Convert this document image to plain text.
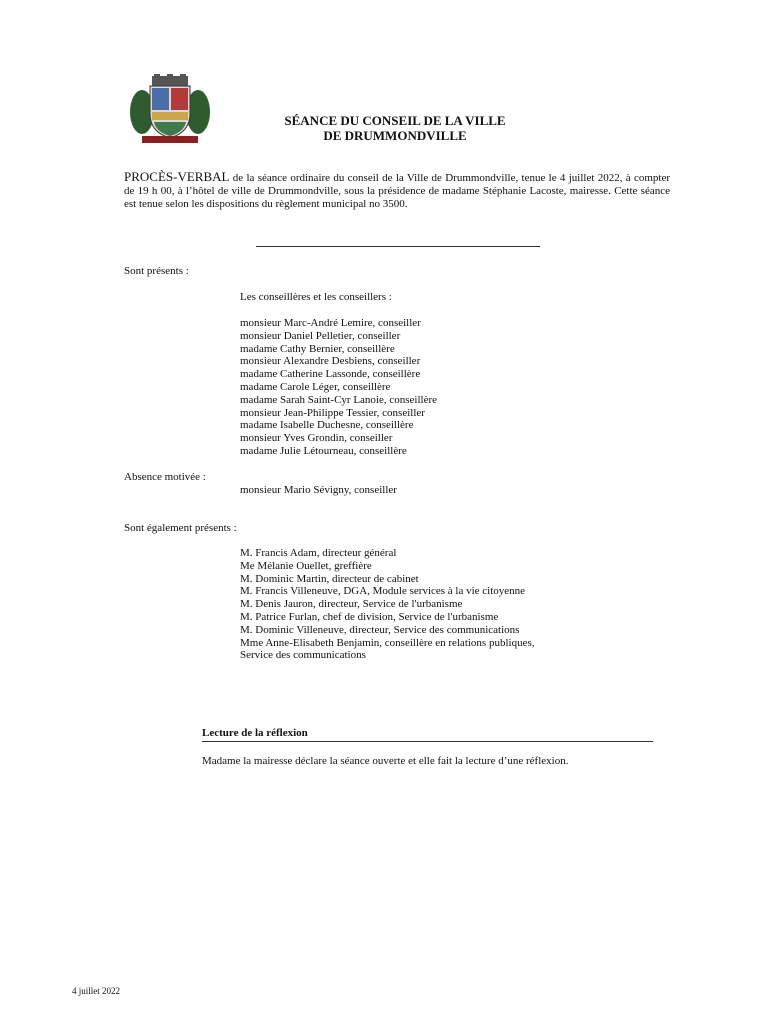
SÉANCE DU CONSEIL DE LA VILLE
DE DRUMMONDVILLE
PROCÈS-VERBAL de la séance ordinaire du conseil de la Ville de Drummondville, tenue le 4 juillet 2022, à compter de 19 h 00, à l’hôtel de ville de Drummondville, sous la présidence de madame Stéphanie Lacoste, mairesse. Cette séance est tenue selon les dispositions du règlement municipal no 3500.
Sont présents :
Les conseillères et les conseillers :
monsieur Marc-André Lemire, conseiller
monsieur Daniel Pelletier, conseiller
madame Cathy Bernier, conseillère
monsieur Alexandre Desbiens, conseiller
madame Catherine Lassonde, conseillère
madame Carole Léger, conseillère
madame Sarah Saint-Cyr Lanoie, conseillère
monsieur Jean-Philippe Tessier, conseiller
madame Isabelle Duchesne, conseillère
monsieur Yves Grondin, conseiller
madame Julie Létourneau, conseillère
Absence motivée :
monsieur Mario Sévigny, conseiller
Sont également présents :
M. Francis Adam, directeur général
Me Mélanie Ouellet, greffière
M. Dominic Martin, directeur de cabinet
M. Francis Villeneuve, DGA, Module services à la vie citoyenne
M. Denis Jauron, directeur, Service de l'urbanisme
M. Patrice Furlan, chef de division, Service de l'urbanisme
M. Dominic Villeneuve, directeur, Service des communications
Mme Anne-Elisabeth Benjamin, conseillère en relations publiques,
Service des communications
Lecture de la réflexion
Madame la mairesse déclare la séance ouverte et elle fait la lecture d’une réflexion.
4 juillet 2022
